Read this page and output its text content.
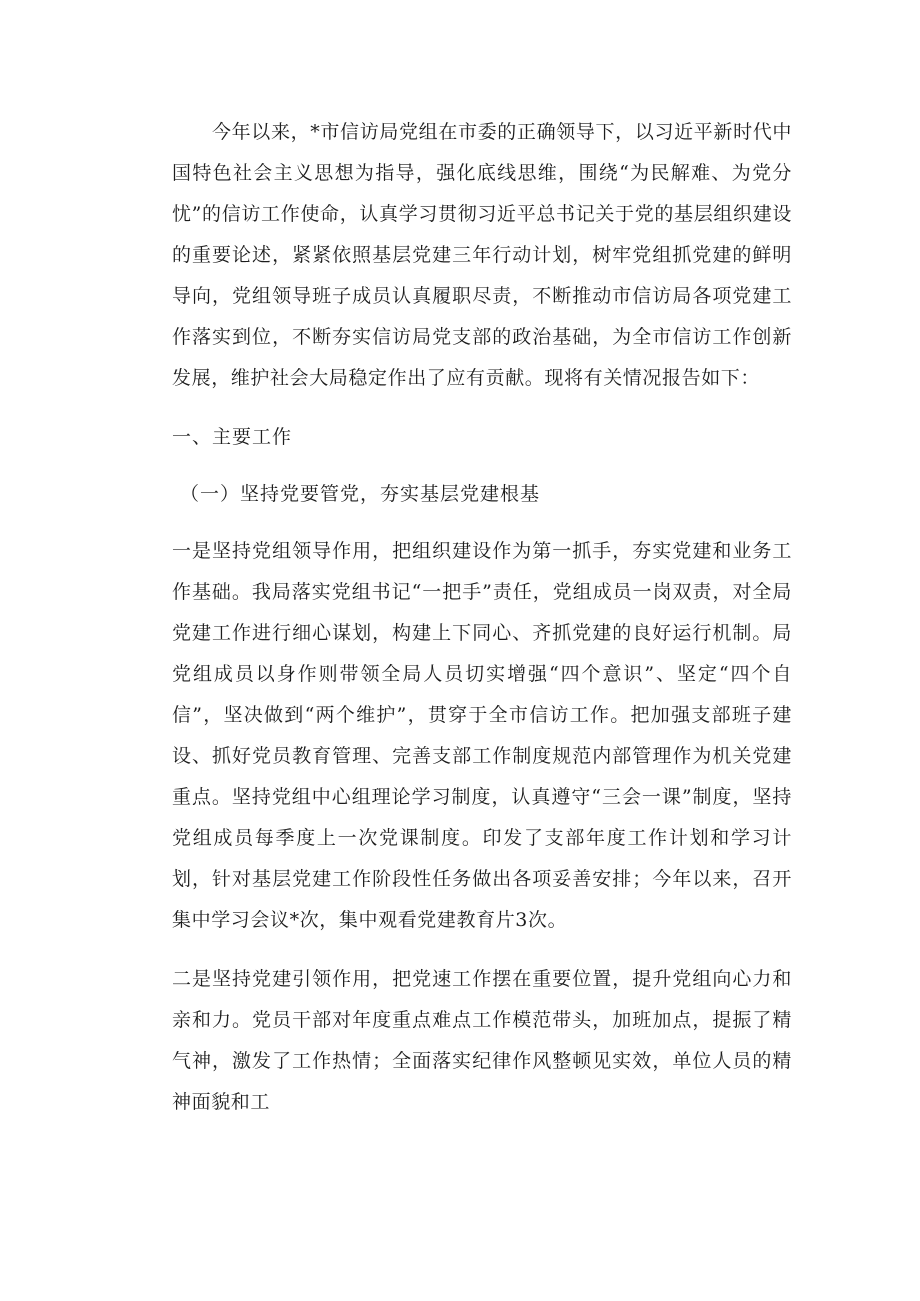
今年以来，*市信访局党组在市委的正确领导下，以习近平新时代中国特色社会主义思想为指导，强化底线思维，围绕“为民解难、为党分忧”的信访工作使命，认真学习贯彻习近平总书记关于党的基层组织建设的重要论述，紧紧依照基层党建三年行动计划，树牢党组抓党建的鲜明导向，党组领导班子成员认真履职尽责，不断推动市信访局各项党建工作落实到位，不断夯实信访局党支部的政治基础，为全市信访工作创新发展，维护社会大局稳定作出了应有贡献。现将有关情况报告如下：

一、主要工作

（一）坚持党要管党，夯实基层党建根基

一是坚持党组领导作用，把组织建设作为第一抓手，夯实党建和业务工作基础。我局落实党组书记“一把手”责任，党组成员一岗双责，对全局党建工作进行细心谋划，构建上下同心、齐抓党建的良好运行机制。局党组成员以身作则带领全局人员切实增强“四个意识”、坚定“四个自信”，坚决做到“两个维护”，贯穿于全市信访工作。把加强支部班子建设、抓好党员教育管理、完善支部工作制度规范内部管理作为机关党建重点。坚持党组中心组理论学习制度，认真遵守“三会一课”制度，坚持党组成员每季度上一次党课制度。印发了支部年度工作计划和学习计划，针对基层党建工作阶段性任务做出各项妥善安排；今年以来，召开集中学习会议*次，集中观看党建教育片3次。

二是坚持党建引领作用，把党速工作摆在重要位置，提升党组向心力和亲和力。党员干部对年度重点难点工作模范带头，加班加点，提振了精气神，激发了工作热情；全面落实纪律作风整顿见实效，单位人员的精神面貌和工
